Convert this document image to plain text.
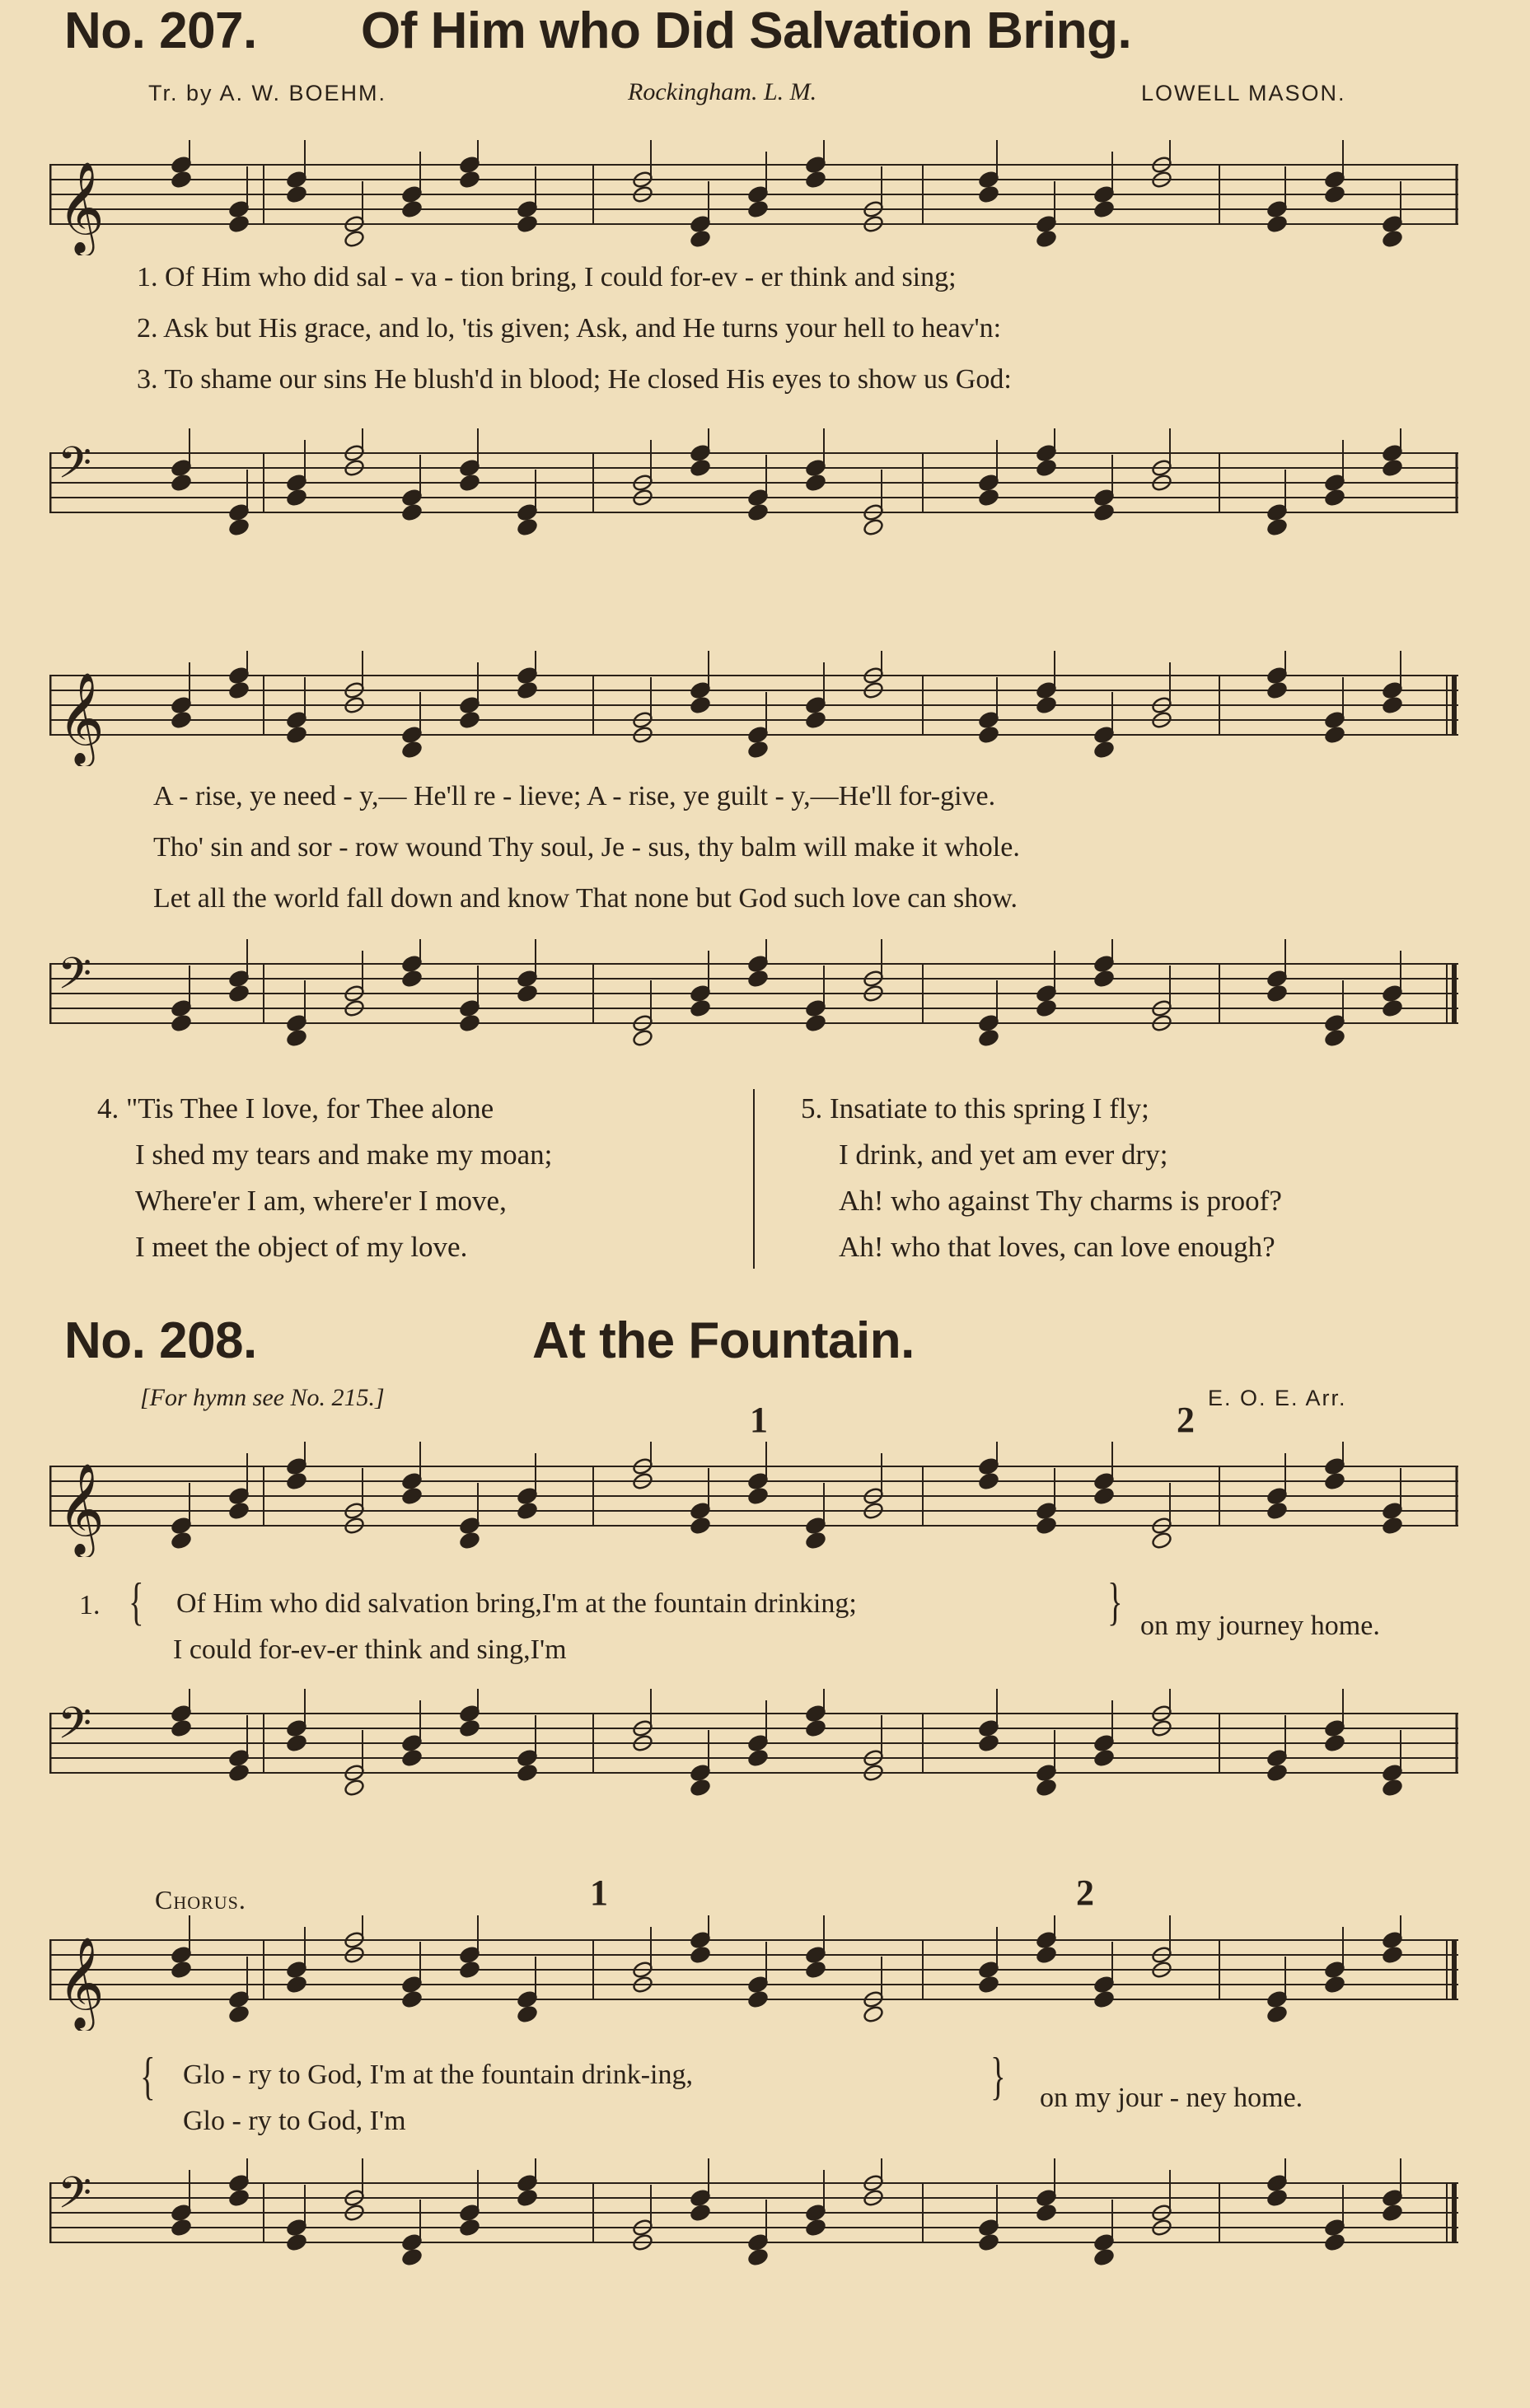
No. 207. Of Him who Did Salvation Bring.
Tr. by A. W. BOEHM.	Rockingham. L. M.	LOWELL MASON.
𝄞
1. Of Him who did sal - va - tion bring, I could for-ev - er think and sing;
2. Ask but His grace, and lo, 'tis given; Ask, and He turns your hell to heav'n:
3. To shame our sins He blush'd in blood; He closed His eyes to show us God:
𝄢
𝄞
A - rise, ye need - y,— He'll re - lieve; A - rise, ye guilt - y,—He'll for-give.
Tho' sin and sor - row wound Thy soul, Je - sus, thy balm will make it whole.
Let all the world fall down and know That none but God such love can show.
𝄢
4. "Tis Thee I love, for Thee alone
I shed my tears and make my moan;
Where'er I am, where'er I move,
I meet the object of my love.
5. Insatiate to this spring I fly;
I drink, and yet am ever dry;
Ah! who against Thy charms is proof?
Ah! who that loves, can love enough?
No. 208.	At the Fountain.
[For hymn see No. 215.]	E. O. E. Arr.
1	2
𝄞
1. { Of Him who did salvation bring,I'm at the fountain drinking;
I could for-ev-er think and sing,I'm
} on my journey home.
𝄢
Chorus.	1	2
𝄞
{ Glo - ry to God, I'm at the fountain drink-ing,
Glo - ry to God, I'm
} on my jour - ney home.
𝄢
